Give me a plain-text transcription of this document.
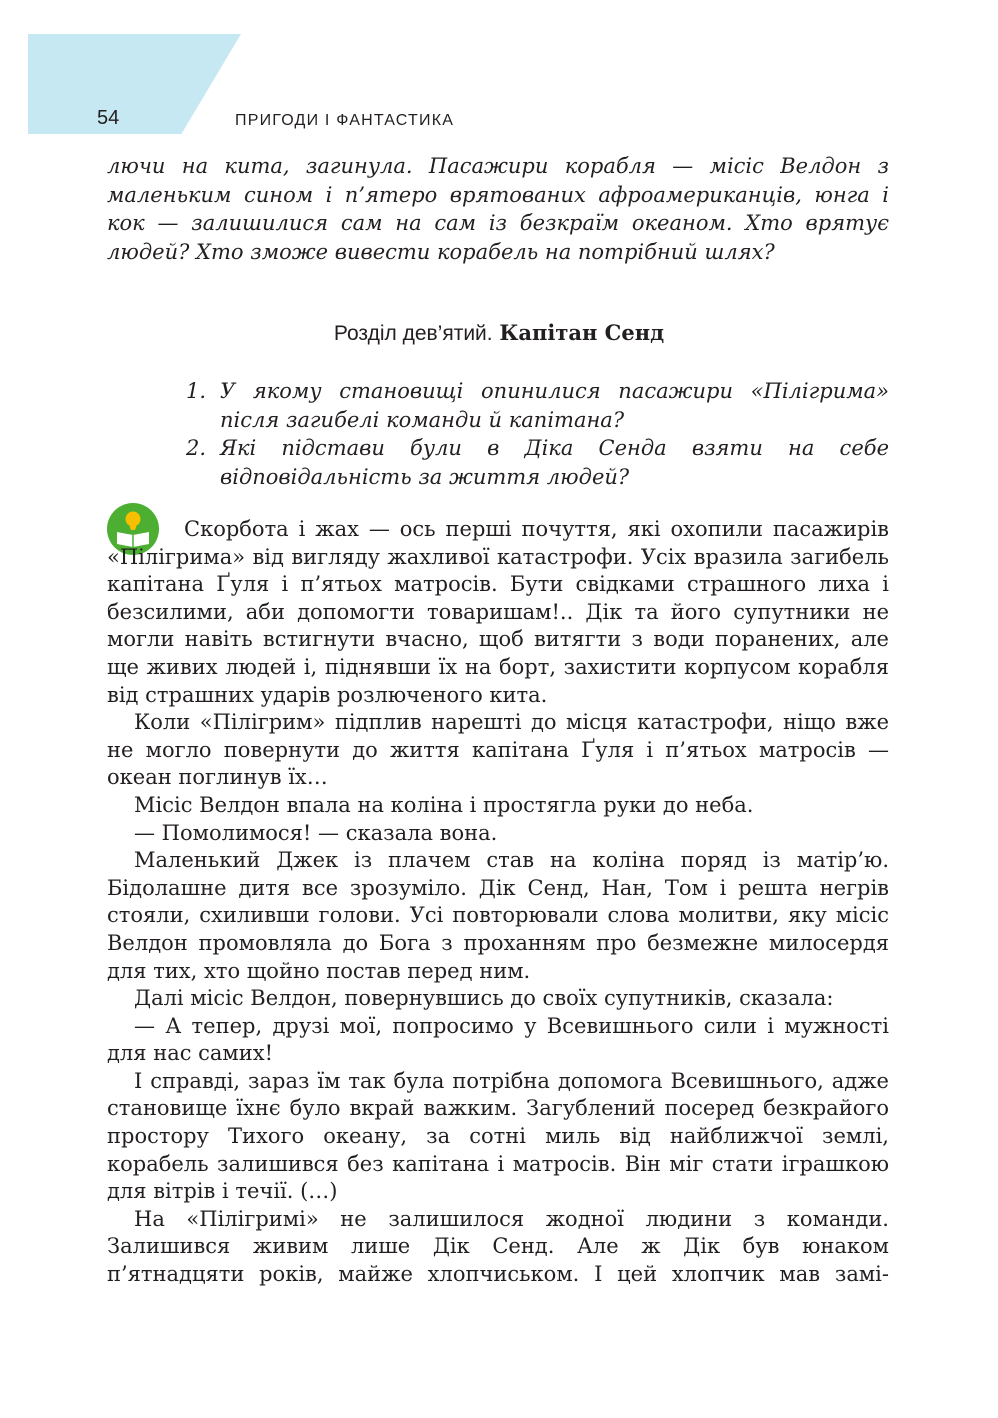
54	ПРИГОДИ І ФАНТАСТИКА

лючи на кита, загинула. Пасажири корабля — місіс Велдон з маленьким сином і п’ятеро врятованих афроамериканців, юнга і кок — залишилися сам на сам із безкраїм океаном. Хто врятує людей? Хто зможе вивести корабель на потрібний шлях?

Розділ дев’ятий. Капітан Сенд
1. У якому становищі опинилися пасажири «Пілігрима» після загибелі команди й капітана?
2. Які підстави були в Діка Сенда взяти на себе відповідальність за життя людей?

Скорбота і жах — ось перші почуття, які охопили пасажирів «Пілігрима» від вигляду жахливої катастрофи. Усіх вразила загибель капітана Ґуля і п’ятьох матросів. Бути свідками страшного лиха і безсилими, аби допомогти товаришам!.. Дік та його супутники не могли навіть встигнути вчасно, щоб витягти з води поранених, але ще живих людей і, піднявши їх на борт, захистити корпусом корабля від страшних ударів розлюченого кита.

Коли «Пілігрим» підплив нарешті до місця катастрофи, ніщо вже не могло повернути до життя капітана Ґуля і п’ятьох матросів — океан поглинув їх…

Місіс Велдон впала на коліна і простягла руки до неба.

— Помолимося! — сказала вона.

Маленький Джек із плачем став на коліна поряд із матір’ю. Бідолашне дитя все зрозуміло. Дік Сенд, Нан, Том і решта негрів стояли, схиливши голови. Усі повторювали слова молитви, яку місіс Велдон промовляла до Бога з проханням про безмежне милосердя для тих, хто щойно постав перед ним.

Далі місіс Велдон, повернувшись до своїх супутників, сказала:

— А тепер, друзі мої, попросимо у Всевишнього сили і мужності для нас самих!

І справді, зараз їм так була потрібна допомога Всевишнього, адже становище їхнє було вкрай важким. Загублений посеред безкрайого простору Тихого океану, за сотні миль від найближчої землі, корабель залишився без капітана і матросів. Він міг стати іграшкою для вітрів і течії. (…)

На «Пілігримі» не залишилося жодної людини з команди. Залишився живим лише Дік Сенд. Але ж Дік був юнаком п’ятнадцяти років, майже хлопчиськом. І цей хлопчик мав замі-
